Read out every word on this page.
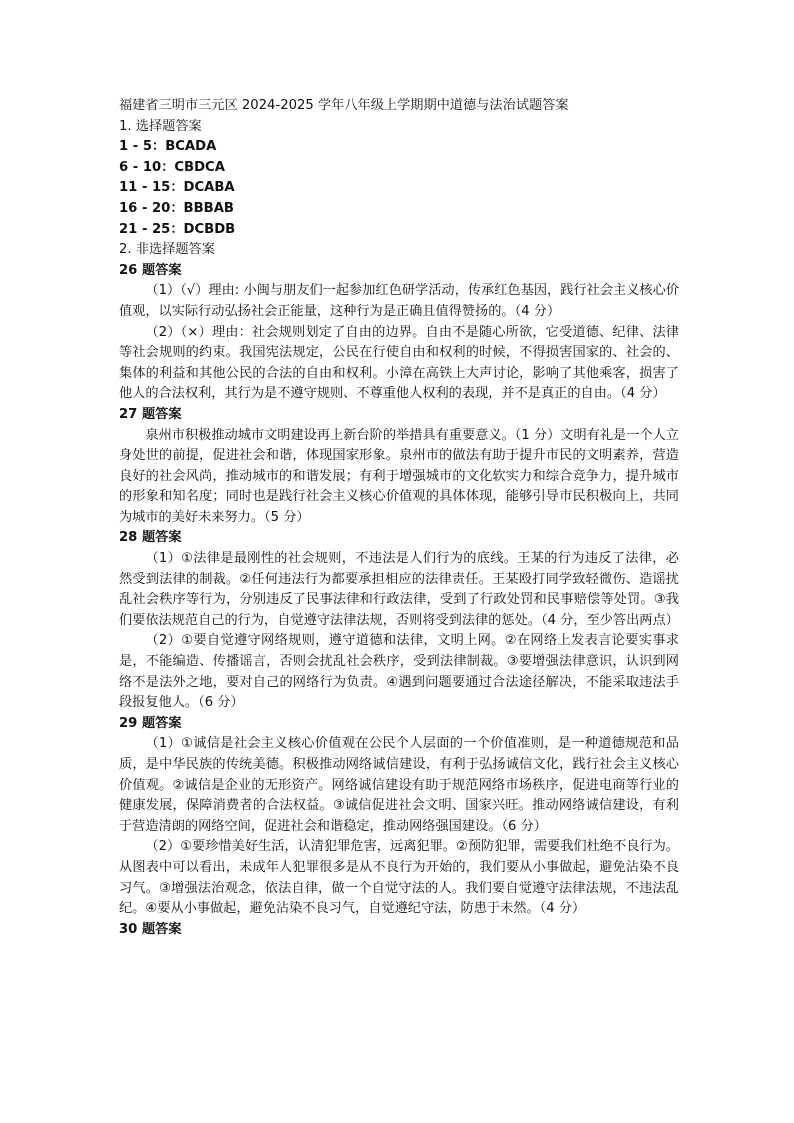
福建省三明市三元区 2024-2025 学年八年级上学期期中道德与法治试题答案
1. 选择题答案
1 - 5：BCADA
6 - 10：CBDCA
11 - 15：DCABA
16 - 20：BBBAB
21 - 25：DCBDB
2. 非选择题答案
26 题答案
（1）（√）理由: 小闽与朋友们一起参加红色研学活动，传承红色基因，践行社会主义核心价值观，以实际行动弘扬社会正能量，这种行为是正确且值得赞扬的。（4 分）
（2）（×）理由：社会规则划定了自由的边界。自由不是随心所欲，它受道德、纪律、法律等社会规则的约束。我国宪法规定，公民在行使自由和权利的时候，不得损害国家的、社会的、集体的利益和其他公民的合法的自由和权利。小漳在高铁上大声讨论，影响了其他乘客，损害了他人的合法权利，其行为是不遵守规则、不尊重他人权利的表现，并不是真正的自由。（4 分）
27 题答案
泉州市积极推动城市文明建设再上新台阶的举措具有重要意义。（1 分）文明有礼是一个人立身处世的前提，促进社会和谐，体现国家形象。泉州市的做法有助于提升市民的文明素养，营造良好的社会风尚，推动城市的和谐发展；有利于增强城市的文化软实力和综合竞争力，提升城市的形象和知名度；同时也是践行社会主义核心价值观的具体体现，能够引导市民积极向上，共同为城市的美好未来努力。（5 分）
28 题答案
（1）①法律是最刚性的社会规则，不违法是人们行为的底线。王某的行为违反了法律，必然受到法律的制裁。②任何违法行为都要承担相应的法律责任。王某殴打同学致轻微伤、造谣扰乱社会秩序等行为，分别违反了民事法律和行政法律，受到了行政处罚和民事赔偿等处罚。③我们要依法规范自己的行为，自觉遵守法律法规，否则将受到法律的惩处。（4 分，至少答出两点）
（2）①要自觉遵守网络规则，遵守道德和法律，文明上网。②在网络上发表言论要实事求是，不能编造、传播谣言，否则会扰乱社会秩序，受到法律制裁。③要增强法律意识，认识到网络不是法外之地，要对自己的网络行为负责。④遇到问题要通过合法途径解决，不能采取违法手段报复他人。（6 分）
29 题答案
（1）①诚信是社会主义核心价值观在公民个人层面的一个价值准则，是一种道德规范和品质，是中华民族的传统美德。积极推动网络诚信建设，有利于弘扬诚信文化，践行社会主义核心价值观。②诚信是企业的无形资产。网络诚信建设有助于规范网络市场秩序，促进电商等行业的健康发展，保障消费者的合法权益。③诚信促进社会文明、国家兴旺。推动网络诚信建设，有利于营造清朗的网络空间，促进社会和谐稳定，推动网络强国建设。（6 分）
（2）①要珍惜美好生活，认清犯罪危害，远离犯罪。②预防犯罪，需要我们杜绝不良行为。从图表中可以看出，未成年人犯罪很多是从不良行为开始的，我们要从小事做起，避免沾染不良习气。③增强法治观念，依法自律，做一个自觉守法的人。我们要自觉遵守法律法规，不违法乱纪。④要从小事做起，避免沾染不良习气，自觉遵纪守法，防患于未然。（4 分）
30 题答案
